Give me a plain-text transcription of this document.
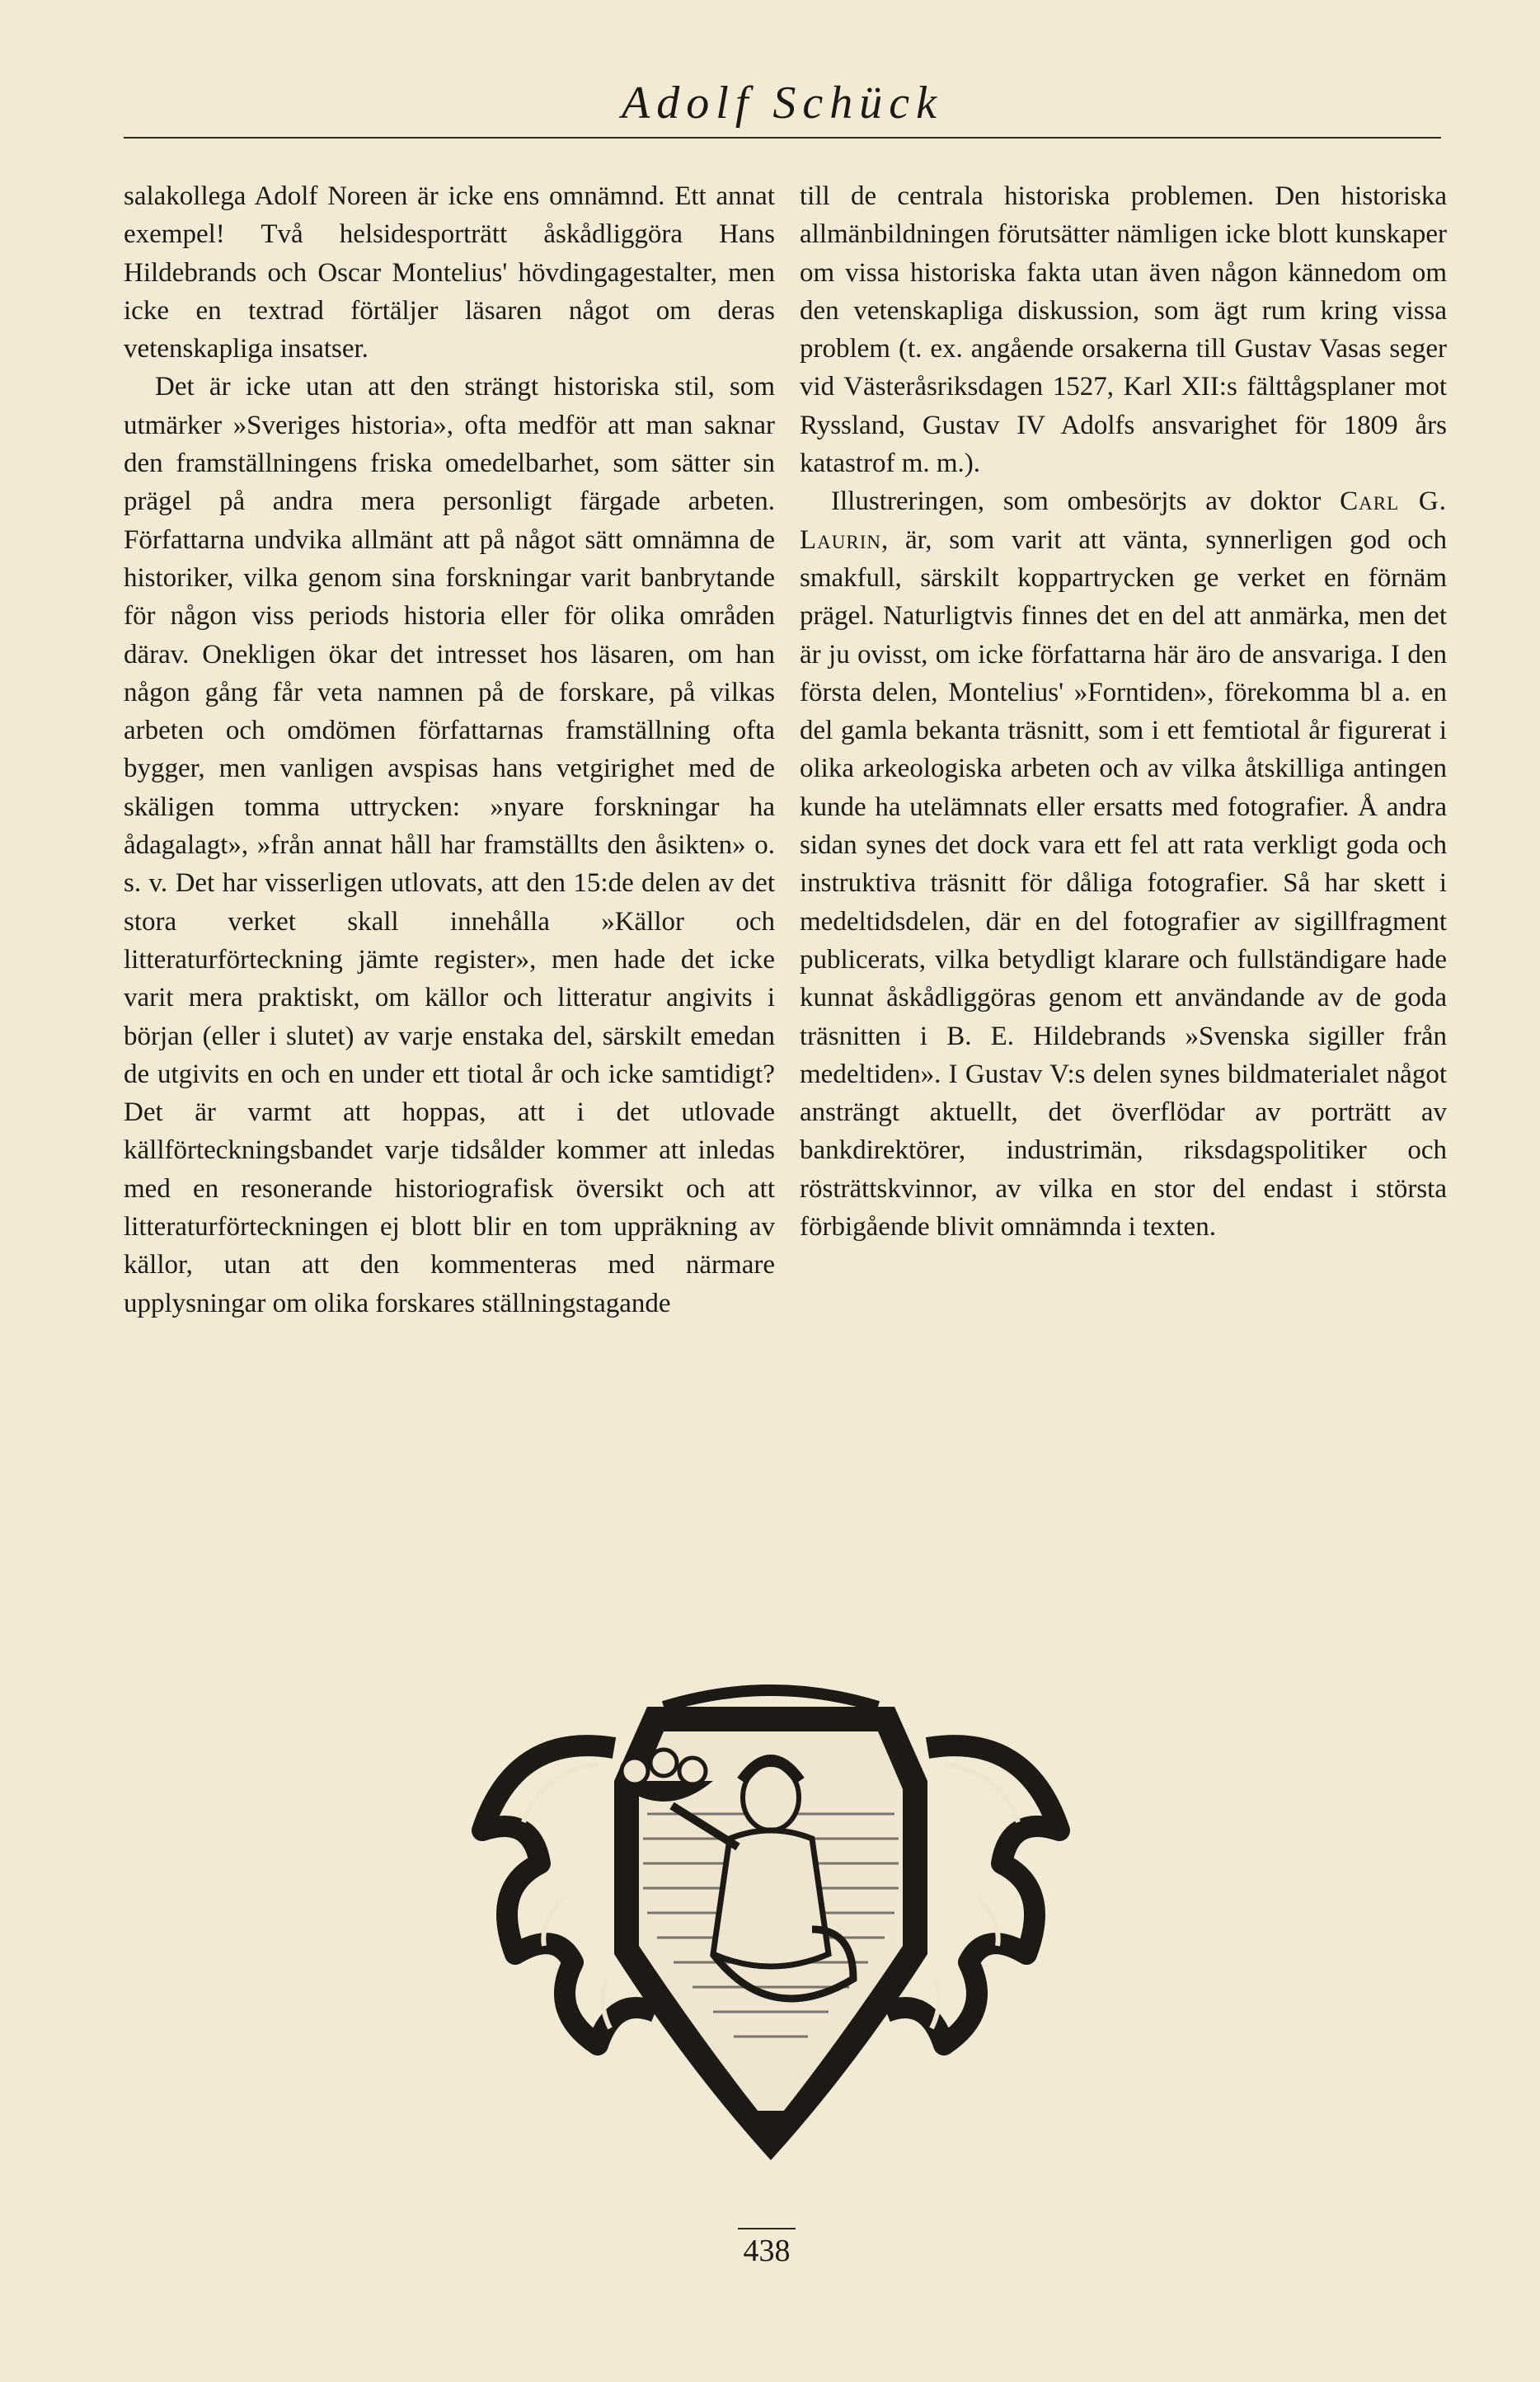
Adolf Schück

salakollega Adolf Noreen är icke ens omnämnd. Ett annat exempel! Två helsidesporträtt åskådliggöra Hans Hildebrands och Oscar Montelius' hövdingagestalter, men icke en textrad förtäljer läsaren något om deras vetenskapliga insatser.

Det är icke utan att den strängt historiska stil, som utmärker »Sveriges historia», ofta medför att man saknar den framställningens friska omedelbarhet, som sätter sin prägel på andra mera personligt färgade arbeten. Författarna undvika allmänt att på något sätt omnämna de historiker, vilka genom sina forskningar varit banbrytande för någon viss periods historia eller för olika områden därav. Onekligen ökar det intresset hos läsaren, om han någon gång får veta namnen på de forskare, på vilkas arbeten och omdömen författarnas framställning ofta bygger, men vanligen avspisas hans vetgirighet med de skäligen tomma uttrycken: »nyare forskningar ha ådagalagt», »från annat håll har framställts den åsikten» o. s. v. Det har visserligen utlovats, att den 15:de delen av det stora verket skall innehålla »Källor och litteraturförteckning jämte register», men hade det icke varit mera praktiskt, om källor och litteratur angivits i början (eller i slutet) av varje enstaka del, särskilt emedan de utgivits en och en under ett tiotal år och icke samtidigt? Det är varmt att hoppas, att i det utlovade källförteckningsbandet varje tidsålder kommer att inledas med en resonerande historiografisk översikt och att litteraturförteckningen ej blott blir en tom uppräkning av källor, utan att den kommenteras med närmare upplysningar om olika forskares ställningstagande

till de centrala historiska problemen. Den historiska allmänbildningen förutsätter nämligen icke blott kunskaper om vissa historiska fakta utan även någon kännedom om den vetenskapliga diskussion, som ägt rum kring vissa problem (t. ex. angående orsakerna till Gustav Vasas seger vid Västeråsriksdagen 1527, Karl XII:s fälttågsplaner mot Ryssland, Gustav IV Adolfs ansvarighet för 1809 års katastrof m. m.).

Illustreringen, som ombesörjts av doktor Carl G. Laurin, är, som varit att vänta, synnerligen god och smakfull, särskilt koppartrycken ge verket en förnäm prägel. Naturligtvis finnes det en del att anmärka, men det är ju ovisst, om icke författarna här äro de ansvariga. I den första delen, Montelius' »Forntiden», förekomma bl a. en del gamla bekanta träsnitt, som i ett femtiotal år figurerat i olika arkeologiska arbeten och av vilka åtskilliga antingen kunde ha utelämnats eller ersatts med fotografier. Å andra sidan synes det dock vara ett fel att rata verkligt goda och instruktiva träsnitt för dåliga fotografier. Så har skett i medeltidsdelen, där en del fotografier av sigillfragment publicerats, vilka betydligt klarare och fullständigare hade kunnat åskådliggöras genom ett användande av de goda träsnitten i B. E. Hildebrands »Svenska sigiller från medeltiden». I Gustav V:s delen synes bildmaterialet något ansträngt aktuellt, det överflödar av porträtt av bankdirektörer, industrimän, riksdagspolitiker och rösträttskvinnor, av vilka en stor del endast i största förbigående blivit omnämnda i texten.

438
